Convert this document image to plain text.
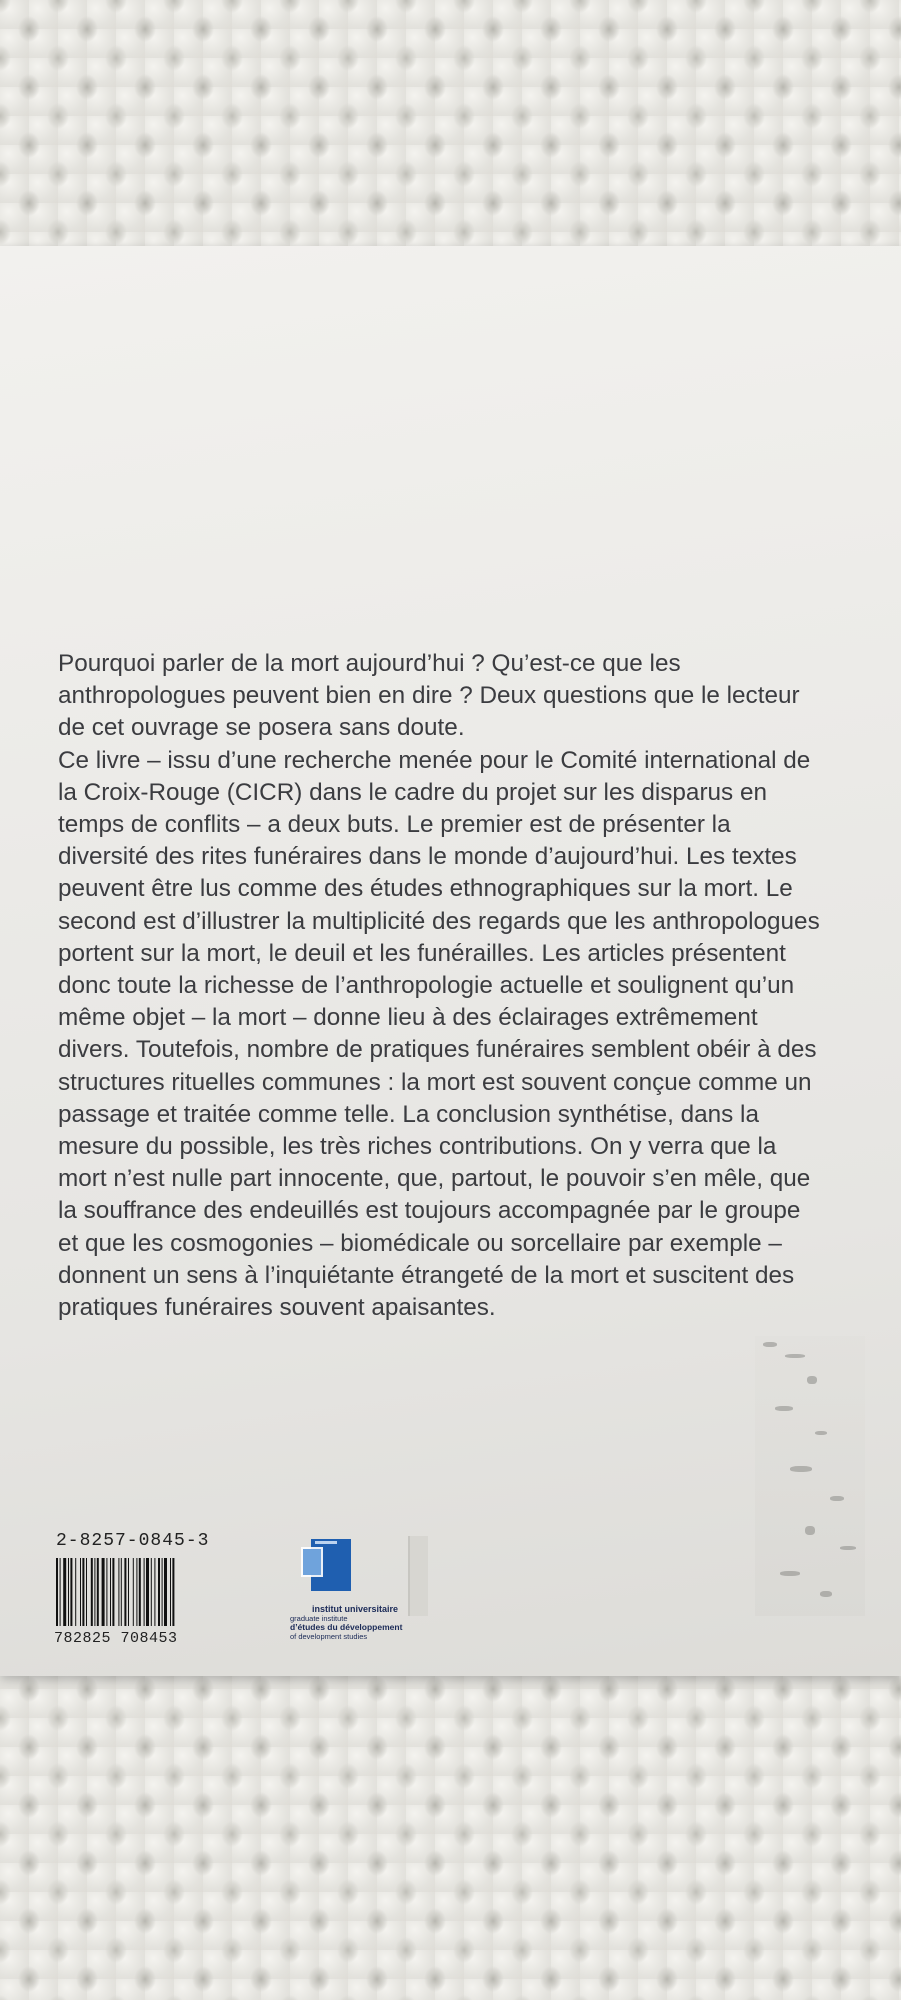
Pourquoi parler de la mort aujourd’hui ? Qu’est-ce que les
anthropologues peuvent bien en dire ? Deux questions que le lecteur
de cet ouvrage se posera sans doute.
Ce livre – issu d’une recherche menée pour le Comité international de
la Croix-Rouge (CICR) dans le cadre du projet sur les disparus en
temps de conflits – a deux buts. Le premier est de présenter la
diversité des rites funéraires dans le monde d’aujourd’hui. Les textes
peuvent être lus comme des études ethnographiques sur la mort. Le
second est d’illustrer la multiplicité des regards que les anthropologues
portent sur la mort, le deuil et les funérailles. Les articles présentent
donc toute la richesse de l’anthropologie actuelle et soulignent qu’un
même objet – la mort – donne lieu à des éclairages extrêmement
divers. Toutefois, nombre de pratiques funéraires semblent obéir à des
structures rituelles communes : la mort est souvent conçue comme un
passage et traitée comme telle. La conclusion synthétise, dans la
mesure du possible, les très riches contributions. On y verra que la
mort n’est nulle part innocente, que, partout, le pouvoir s’en mêle, que
la souffrance des endeuillés est toujours accompagnée par le groupe
et que les cosmogonies – biomédicale ou sorcellaire par exemple –
donnent un sens à l’inquiétante étrangeté de la mort et suscitent des
pratiques funéraires souvent apaisantes.
2-8257-0845-3
782825 708453
institut universitaire
graduate institute
d’études du développement
of development studies
